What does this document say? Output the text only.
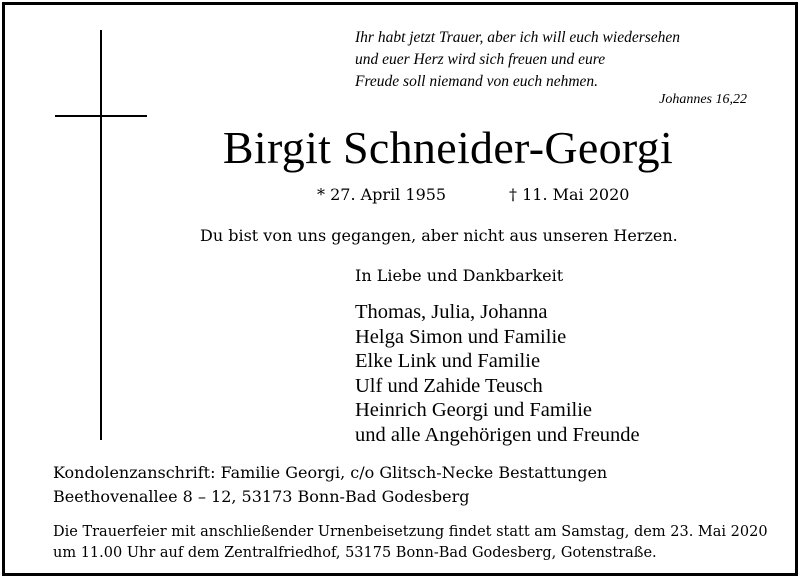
Ihr habt jetzt Trauer, aber ich will euch wiedersehen
und euer Herz wird sich freuen und eure
Freude soll niemand von euch nehmen.
Johannes 16,22
Birgit Schneider-Georgi
* 27. April 1955	† 11. Mai 2020
Du bist von uns gegangen, aber nicht aus unseren Herzen.
In Liebe und Dankbarkeit
Thomas, Julia, Johanna
Helga Simon und Familie
Elke Link und Familie
Ulf und Zahide Teusch
Heinrich Georgi und Familie
und alle Angehörigen und Freunde
Kondolenzanschrift: Familie Georgi, c/o Glitsch-Necke Bestattungen
Beethovenallee 8 – 12, 53173 Bonn-Bad Godesberg
Die Trauerfeier mit anschließender Urnenbeisetzung findet statt am Samstag, dem 23. Mai 2020
um 11.00 Uhr auf dem Zentralfriedhof, 53175 Bonn-Bad Godesberg, Gotenstraße.
